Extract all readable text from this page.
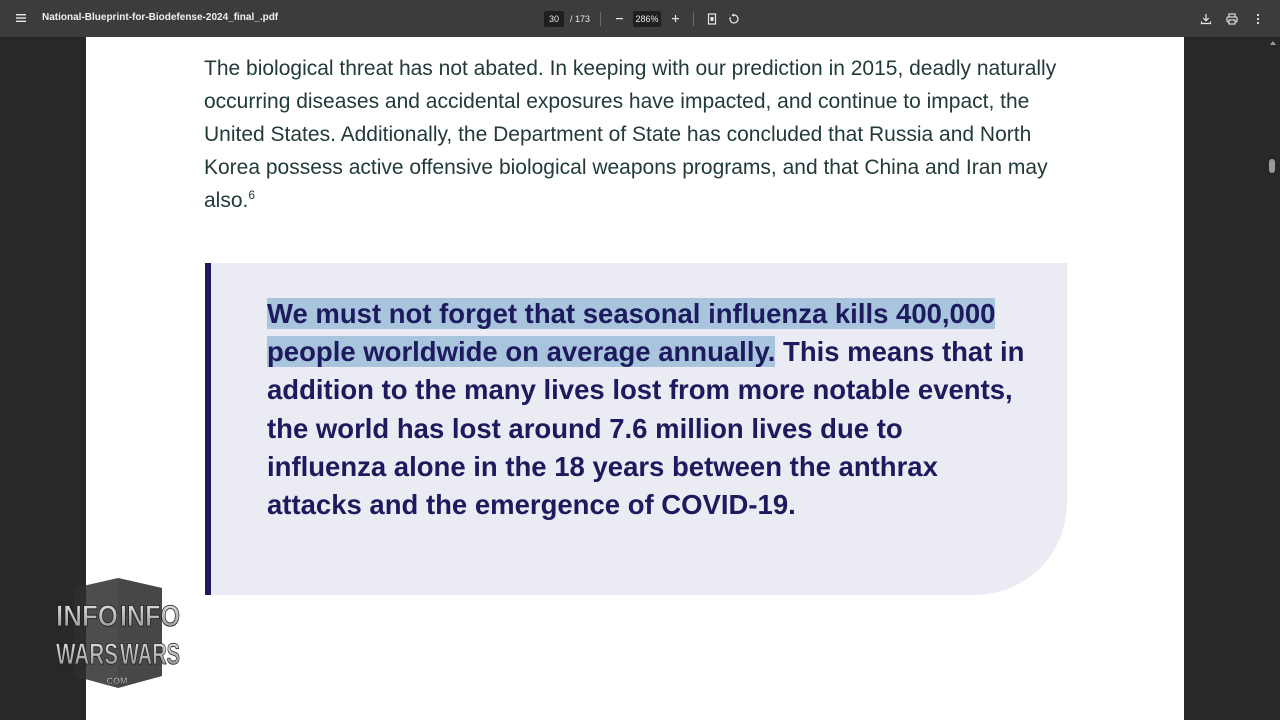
National-Blueprint-for-Biodefense-2024_final_.pdf	30	/ 173	286%

The biological threat has not abated. In keeping with our prediction in 2015, deadly naturally occurring diseases and accidental exposures have impacted, and continue to impact, the United States. Additionally, the Department of State has concluded that Russia and North Korea possess active offensive biological weapons programs, and that China and Iran may also.$^6$

We must not forget that seasonal influenza kills 400,000 people worldwide on average annually. This means that in addition to the many lives lost from more notable events, the world has lost around 7.6 million lives due to influenza alone in the 18 years between the anthrax attacks and the emergence of COVID-19.

INFO INFO
WARS WARS
.COM
